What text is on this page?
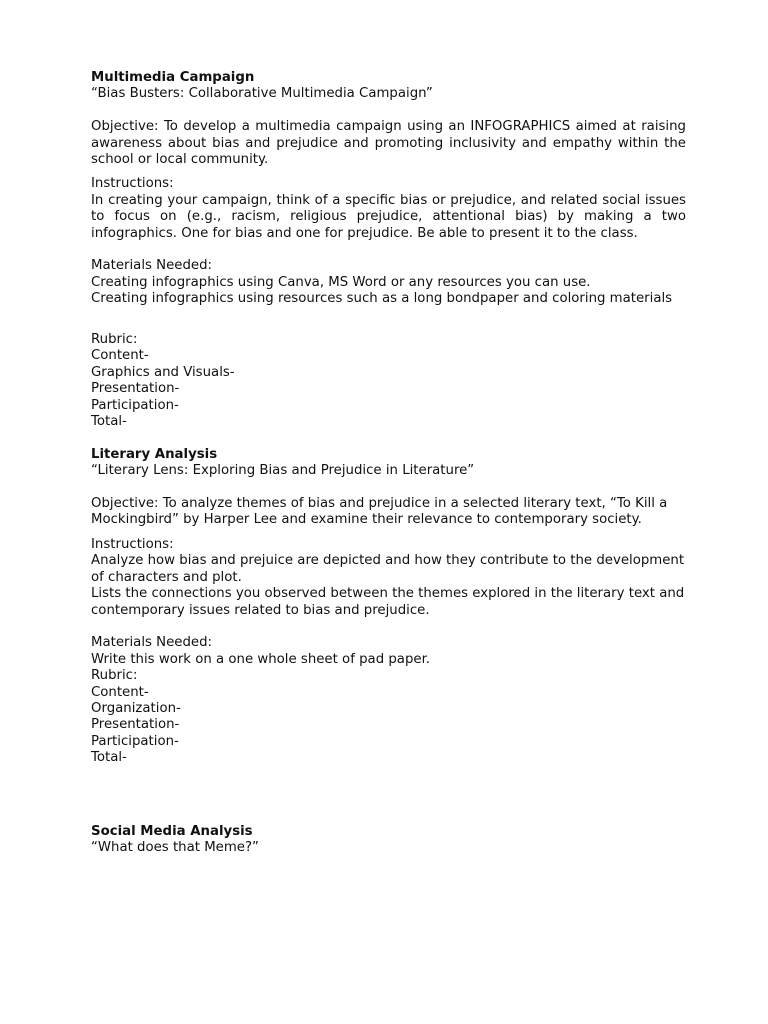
Multimedia Campaign

“Bias Busters: Collaborative Multimedia Campaign”

Objective: To develop a multimedia campaign using an INFOGRAPHICS aimed at raising awareness about bias and prejudice and promoting inclusivity and empathy within the school or local community.

Instructions:

In creating your campaign, think of a specific bias or prejudice, and related social issues to focus on (e.g., racism, religious prejudice, attentional bias) by making a two infographics. One for bias and one for prejudice. Be able to present it to the class.

Materials Needed:

Creating infographics using Canva, MS Word or any resources you can use.

Creating infographics using resources such as a long bondpaper and coloring materials

Rubric:

Content-

Graphics and Visuals-

Presentation-

Participation-

Total-

Literary Analysis

“Literary Lens: Exploring Bias and Prejudice in Literature”

Objective: To analyze themes of bias and prejudice in a selected literary text, “To Kill a Mockingbird” by Harper Lee and examine their relevance to contemporary society.

Instructions:

Analyze how bias and prejuice are depicted and how they contribute to the development of characters and plot.

Lists the connections you observed between the themes explored in the literary text and contemporary issues related to bias and prejudice.

Materials Needed:

Write this work on a one whole sheet of pad paper.

Rubric:

Content-

Organization-

Presentation-

Participation-

Total-

Social Media Analysis

“What does that Meme?”
